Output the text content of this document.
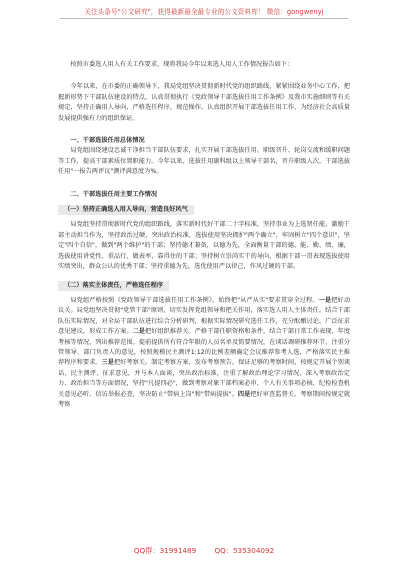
关注头条号"公文研究"，获得最新最全最专业的公文资料库！ 微信：gongwenyj

按照市委选人用人有关工作要求，现将我局今年以来选人用人工作情况报告如下：

今年以来，在市委的正确领导下，我局党组坚决贯彻新时代党的组织路线，紧紧围绕业务中心工作，把握新形势下干部队伍建设的特点，认真贯彻执行《党政领导干部选拔任用工作条例》及我市实施细则等有关规定，坚持正确用人导向，严格选任程序，规范操作，认真组织开展干部选拔任用工作，为经济社会高质量发展提供强有力的组织保证。

一、干部选拔任用总体情况

局党组围绕建设忠诚干净担当干部队伍要求，扎实开展干部选拔任用、职级晋升、轮岗交流和缓职问题等工作，提高干部素质位置职能力。今年以来，选拔任用副科级以上领导干部名，晋升职级人次，干部选拔任用"一报告两评议"测评满意度为%。

二、干部选拔任用主要工作情况

（一）坚持正确选人用人导向，营造良好风气

局党组坚持贯彻新时代党的组织路线，落实新时代好干部二十字标准，坚持事业为上选贤任能，激励干部主动担当作为，坚持政治过硬，突出政治标准，选拔使用坚决拥护"两个确立"，牢固树立"四个意识"，坚定"四个自信"，做到"两个维护"的干部；坚持德才兼备，以德为先，全面衡量干部的德、能、勤、绩、廉，选拔使用讲党性、重品行、做表率、靠得住的干部；坚持树立崇尚实干的导向，根据干部一贯表现选拔使用实绩突出，群众公认的优秀干部；坚持重德为先，选优使用严以律己，作风过硬的干部。

（二）落实主体责任，严格选任程序

局党组严格按照《党政领导干部选拔任用工作条例》，始终把"从严从实"要求贯穿全过程。一是把好动议关。局党组坚决贯彻"党管干部"原则，切实发挥党组领导和把关作用，落实选人用人主体责任。结合干部队伍实际情况，对全局干部队伍进行综合分析研判，根据实际情况研究选任工作，充分酝酿讨论，广泛征求意见建议，形成工作方案。二是把好组织推荐关。严格干部任职资格和条件，结合干部日常工作表现、年度考核等情况，列出推荐范围。提前提供所有符合年限的人员名单及简要情况，在谈话调研推荐环节，注重分管领导、部门负责人的意见，按照规模民主测评1:12的比例差额确定会议推荐参考人选，严格落实民主推荐程序和要求。三是把好考察关。制定考察方案，发布考察预告，保证足够的考察时间，按规定开展个别谈话、民主测评、征求意见，并与本人面谈，突出政治标准，注重了解政治理论学习情况，深入考察政治定力、政治担当等方面情况，坚持"凡提四必"，做到考察对象干部档案必审、个人有关事项必核、纪检检查机关意见必听、信访举报必查，坚决防止"带病上岗"和"带病提拔"。四是把好审查监督关。考察期间按规定就考察

QQ群：31991489	QQ：535304092
